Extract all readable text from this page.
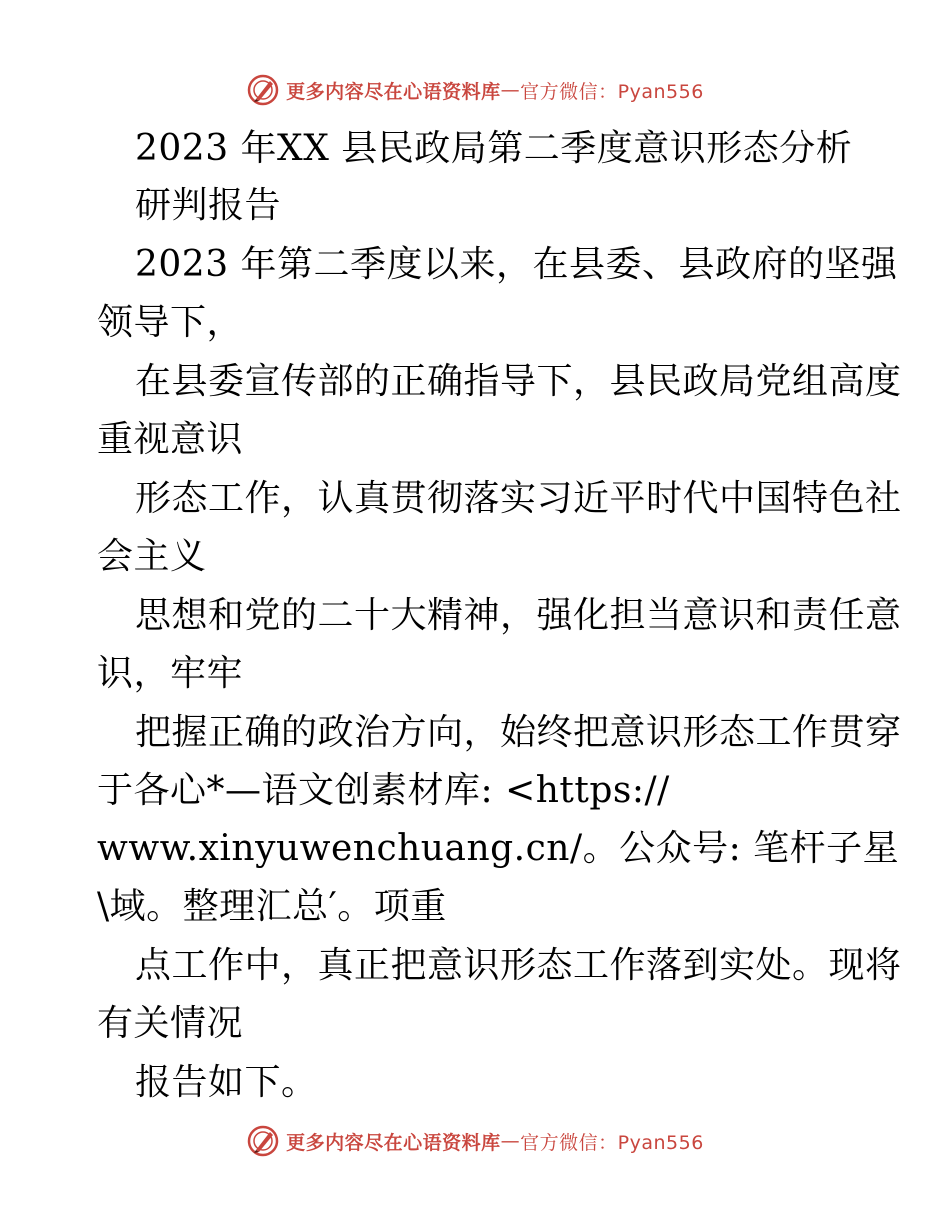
更多内容尽在心语资料库 — 官方微信：Pyan556
2023 年XX 县民政局第二季度意识形态分析
研判报告
2023 年第二季度以来，在县委、县政府的坚强
领导下，
在县委宣传部的正确指导下，县民政局党组高度
重视意识
形态工作，认真贯彻落实习近平时代中国特色社
会主义
思想和党的二十大精神，强化担当意识和责任意
识，牢牢
把握正确的政治方向，始终把意识形态工作贯穿
于各心*—语文创素材库: <https://
www.xinyuwenchuang.cn/。公众号: 笔杆子星
\域。整理汇总′。项重
点工作中，真正把意识形态工作落到实处。现将
有关情况
报告如下。
更多内容尽在心语资料库 — 官方微信：Pyan556
